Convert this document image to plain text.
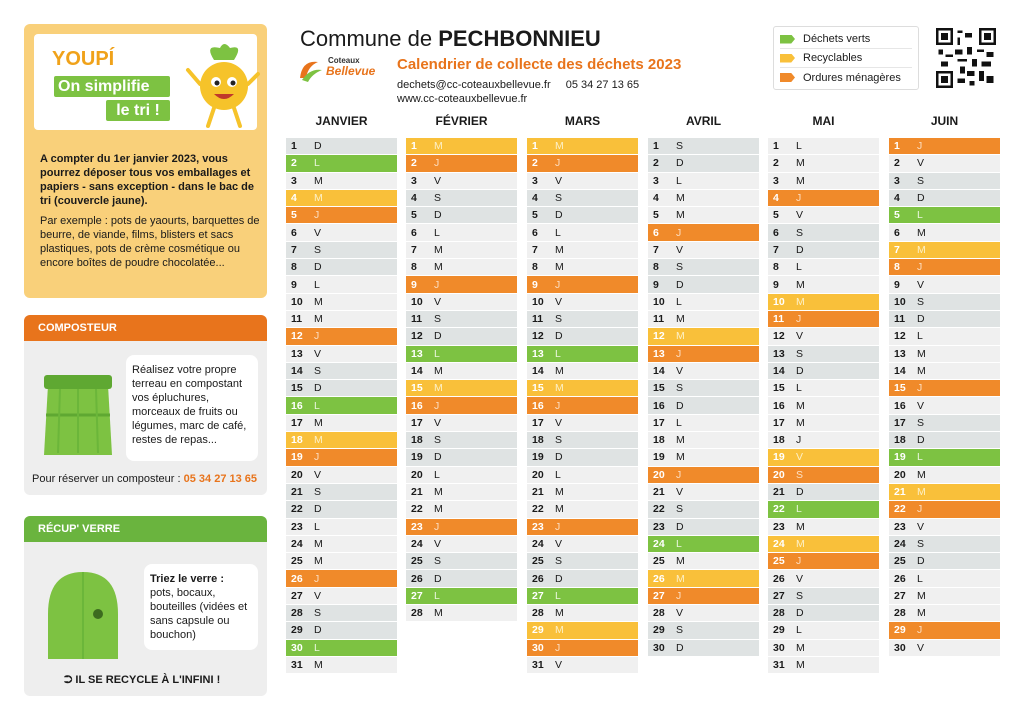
YOUPÍ
On simplifie
le tri !
A compter du 1er janvier 2023, vous pourrez déposer tous vos emballages et papiers - sans exception - dans le bac de tri (couvercle jaune).
Par exemple : pots de yaourts, barquettes de beurre, de viande, films, blisters et sacs plastiques, pots de crème cosmétique ou encore boîtes de poudre chocolatée...
COMPOSTEUR
Réalisez votre propre terreau en compostant vos épluchures, morceaux de fruits ou légumes, marc de café, restes de repas...
Pour réserver un composteur : 05 34 27 13 65
RÉCUP' VERRE
Triez le verre :
pots, bocaux, bouteilles (vidées et sans capsule ou bouchon)
⮊ IL SE RECYCLE À L'INFINI !
Commune de PECHBONNIEU
Coteaux
Bellevue Calendrier de collecte des déchets 2023
dechets@cc-coteauxbellevue.fr 05 34 27 13 65
www.cc-coteauxbellevue.fr
Déchets verts
Recyclables
Ordures ménagères
JANVIER
1	D
2	L
3	M
4	M
5	J
6	V
7	S
8	D
9	L
10	M
11	M
12	J
13	V
14	S
15	D
16	L
17	M
18	M
19	J
20	V
21	S
22	D
23	L
24	M
25	M
26	J
27	V
28	S
29	D
30	L
31	M
FÉVRIER
1	M
2	J
3	V
4	S
5	D
6	L
7	M
8	M
9	J
10	V
11	S
12	D
13	L
14	M
15	M
16	J
17	V
18	S
19	D
20	L
21	M
22	M
23	J
24	V
25	S
26	D
27	L
28	M
MARS
1	M
2	J
3	V
4	S
5	D
6	L
7	M
8	M
9	J
10	V
11	S
12	D
13	L
14	M
15	M
16	J
17	V
18	S
19	D
20	L
21	M
22	M
23	J
24	V
25	S
26	D
27	L
28	M
29	M
30	J
31	V
AVRIL
1	S
2	D
3	L
4	M
5	M
6	J
7	V
8	S
9	D
10	L
11	M
12	M
13	J
14	V
15	S
16	D
17	L
18	M
19	M
20	J
21	V
22	S
23	D
24	L
25	M
26	M
27	J
28	V
29	S
30	D
MAI
1	L
2	M
3	M
4	J
5	V
6	S
7	D
8	L
9	M
10	M
11	J
12	V
13	S
14	D
15	L
16	M
17	M
18	J
19	V
20	S
21	D
22	L
23	M
24	M
25	J
26	V
27	S
28	D
29	L
30	M
31	M
JUIN
1	J
2	V
3	S
4	D
5	L
6	M
7	M
8	J
9	V
10	S
11	D
12	L
13	M
14	M
15	J
16	V
17	S
18	D
19	L
20	M
21	M
22	J
23	V
24	S
25	D
26	L
27	M
28	M
29	J
30	V
